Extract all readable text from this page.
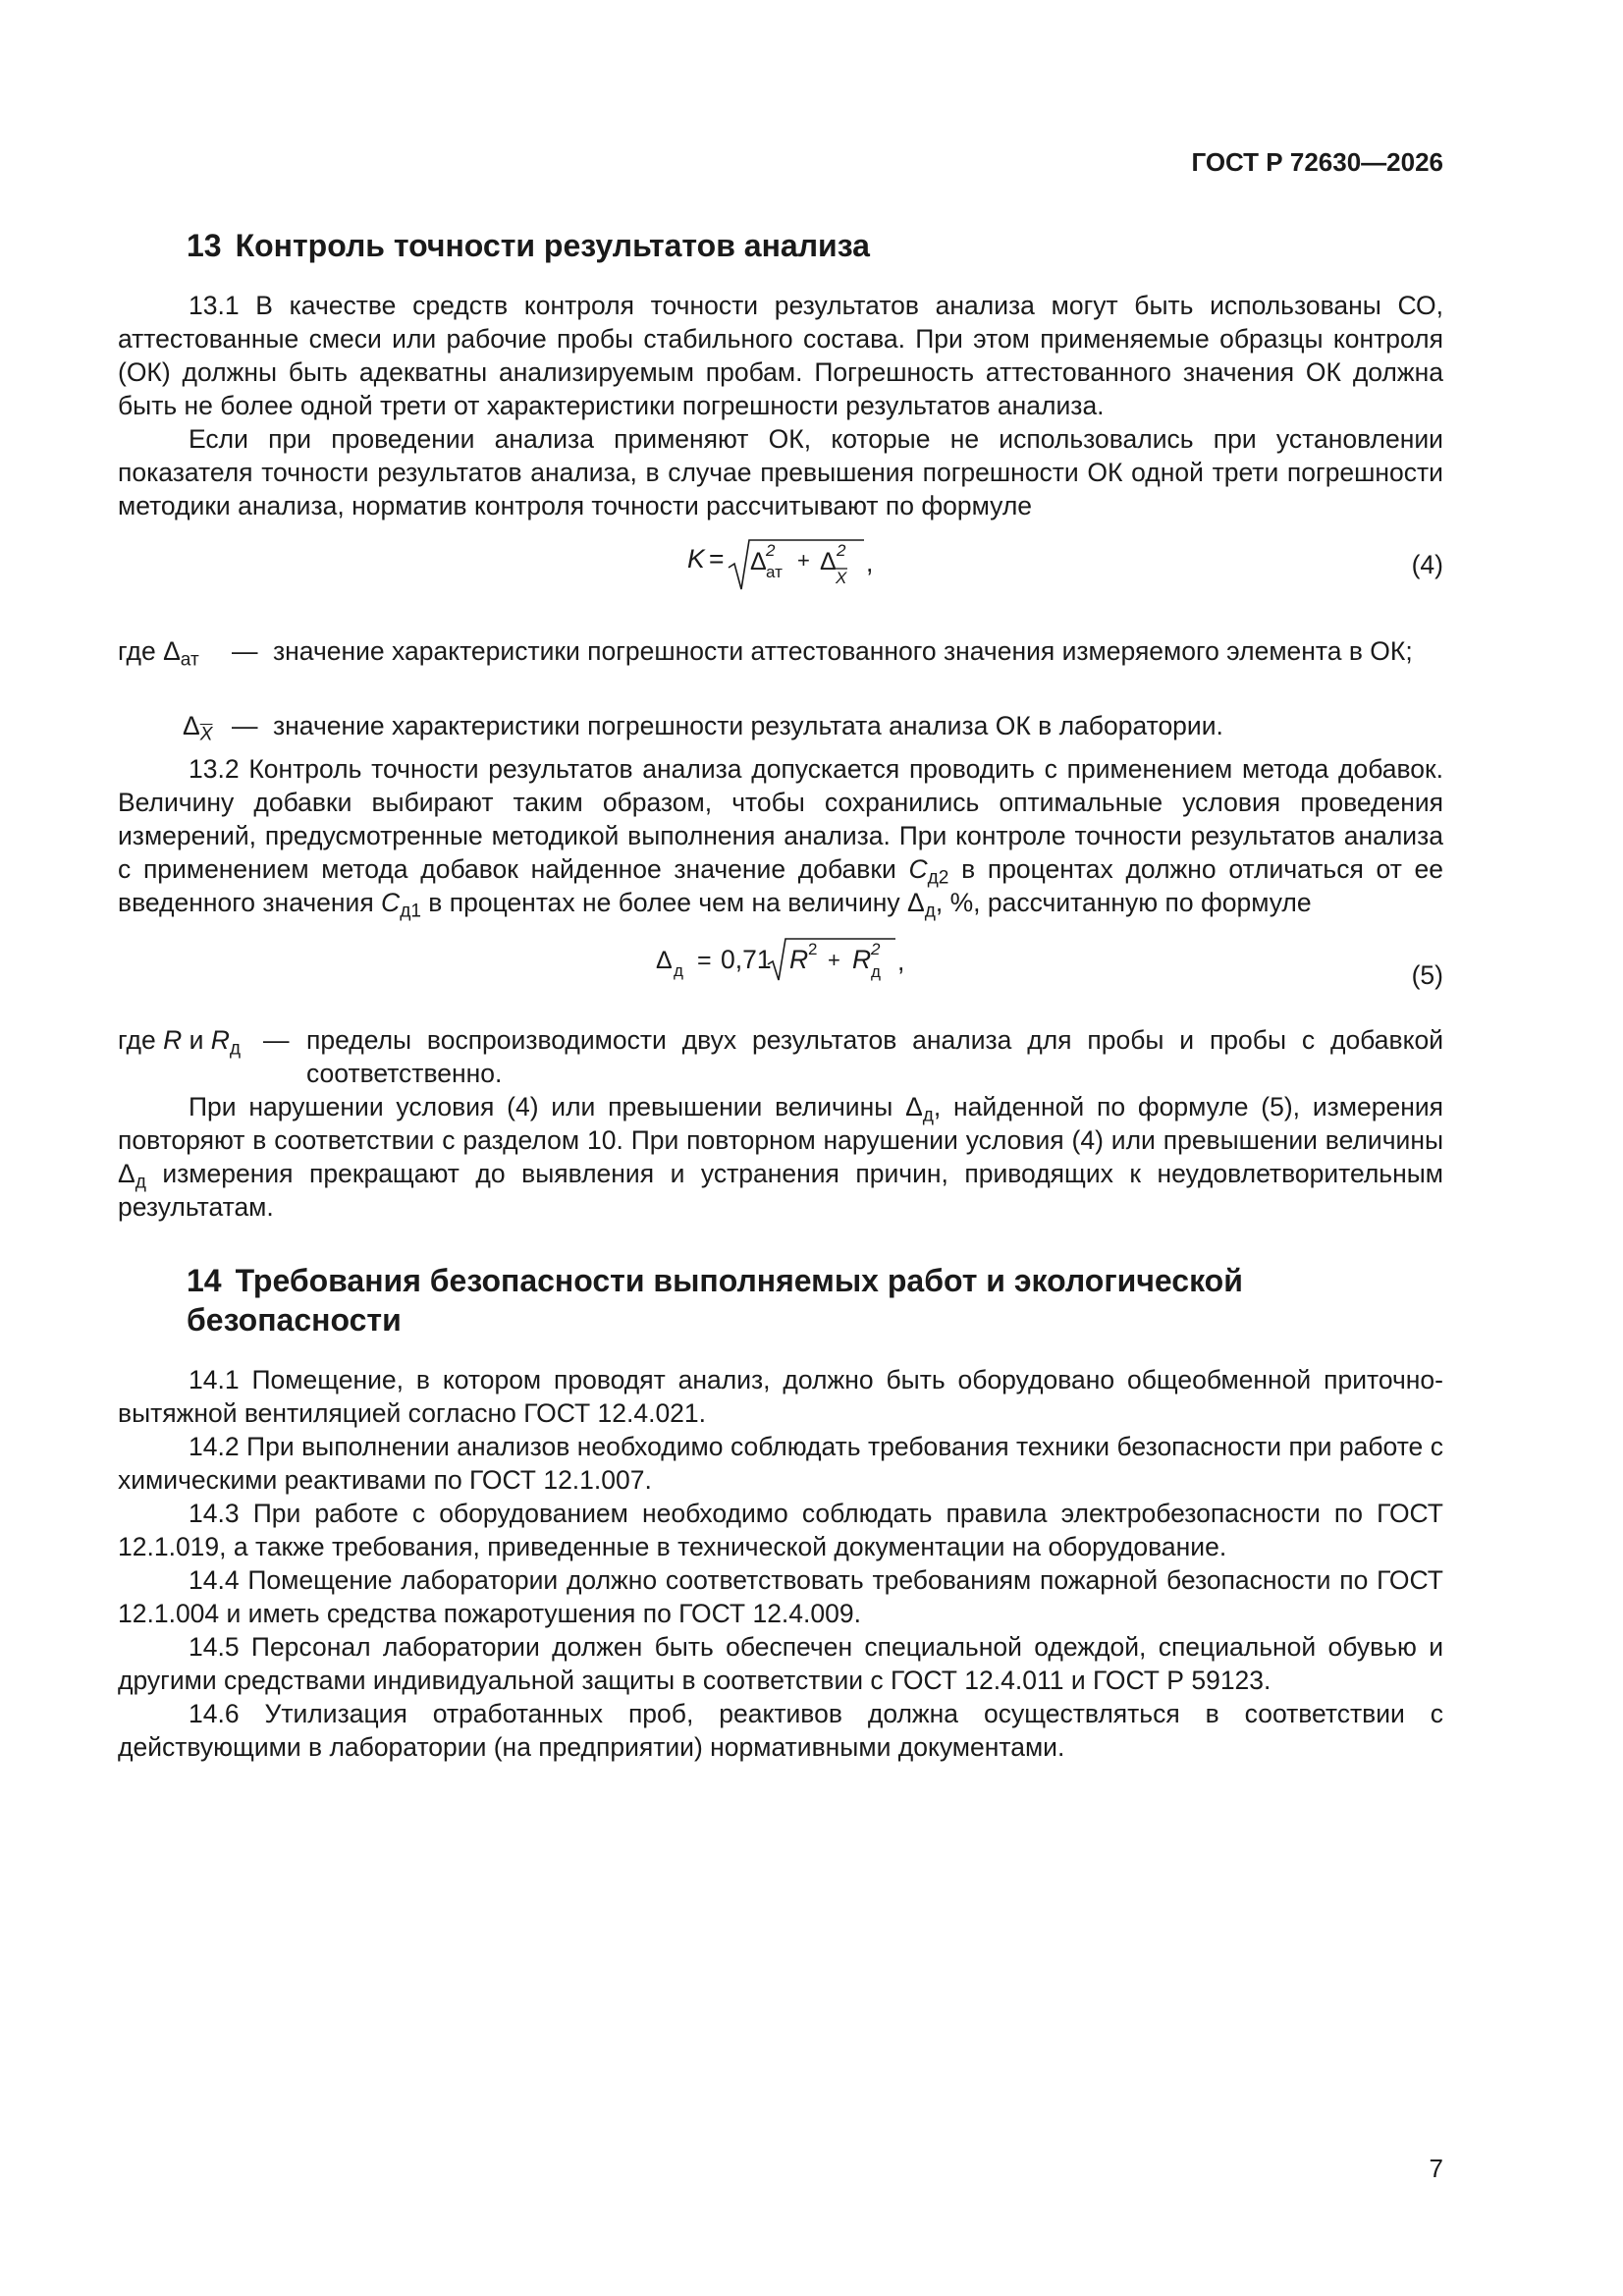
ГОСТ Р 72630—2026
13 Контроль точности результатов анализа
13.1 В качестве средств контроля точности результатов анализа могут быть использованы СО, аттестованные смеси или рабочие пробы стабильного состава. При этом применяемые образцы контроля (ОК) должны быть адекватны анализируемым пробам. Погрешность аттестованного значения ОК должна быть не более одной трети от характеристики погрешности результатов анализа.
Если при проведении анализа применяют ОК, которые не использовались при установлении показателя точности результатов анализа, в случае превышения погрешности ОК одной трети погрешности методики анализа, норматив контроля точности рассчитывают по формуле
K = Δ 2
ат + Δ 2
X
,	(4)
где $\Delta_{ат}$ — значение характеристики погрешности аттестованного значения измеряемого элемента в ОК;
$\Delta_{\overline{X}}$ — значение характеристики погрешности результата анализа ОК в лаборатории.
13.2 Контроль точности результатов анализа допускается проводить с применением метода добавок. Величину добавки выбирают таким образом, чтобы сохранились оптимальные условия проведения измерений, предусмотренные методикой выполнения анализа. При контроле точности результатов анализа с применением метода добавок найденное значение добавки $C_{д2}$ в процентах должно отличаться от ее введенного значения $C_{д1}$ в процентах не более чем на величину $\Delta_д$, %, рассчитанную по формуле
Δ д = 0,71 R 2 + R 2
д ,	(5)
где R и $R_д$ — пределы воспроизводимости двух результатов анализа для пробы и пробы с добавкой соответственно.
При нарушении условия (4) или превышении величины $\Delta_д$, найденной по формуле (5), измерения повторяют в соответствии с разделом 10. При повторном нарушении условия (4) или превышении величины $\Delta_д$ измерения прекращают до выявления и устранения причин, приводящих к неудовлетворительным результатам.
14 Требования безопасности выполняемых работ и экологической
безопасности
14.1 Помещение, в котором проводят анализ, должно быть оборудовано общеобменной приточно-вытяжной вентиляцией согласно ГОСТ 12.4.021.
14.2 При выполнении анализов необходимо соблюдать требования техники безопасности при работе с химическими реактивами по ГОСТ 12.1.007.
14.3 При работе с оборудованием необходимо соблюдать правила электробезопасности по ГОСТ 12.1.019, а также требования, приведенные в технической документации на оборудование.
14.4 Помещение лаборатории должно соответствовать требованиям пожарной безопасности по ГОСТ 12.1.004 и иметь средства пожаротушения по ГОСТ 12.4.009.
14.5 Персонал лаборатории должен быть обеспечен специальной одеждой, специальной обувью и другими средствами индивидуальной защиты в соответствии с ГОСТ 12.4.011 и ГОСТ Р 59123.
14.6 Утилизация отработанных проб, реактивов должна осуществляться в соответствии с действующими в лаборатории (на предприятии) нормативными документами.
7
